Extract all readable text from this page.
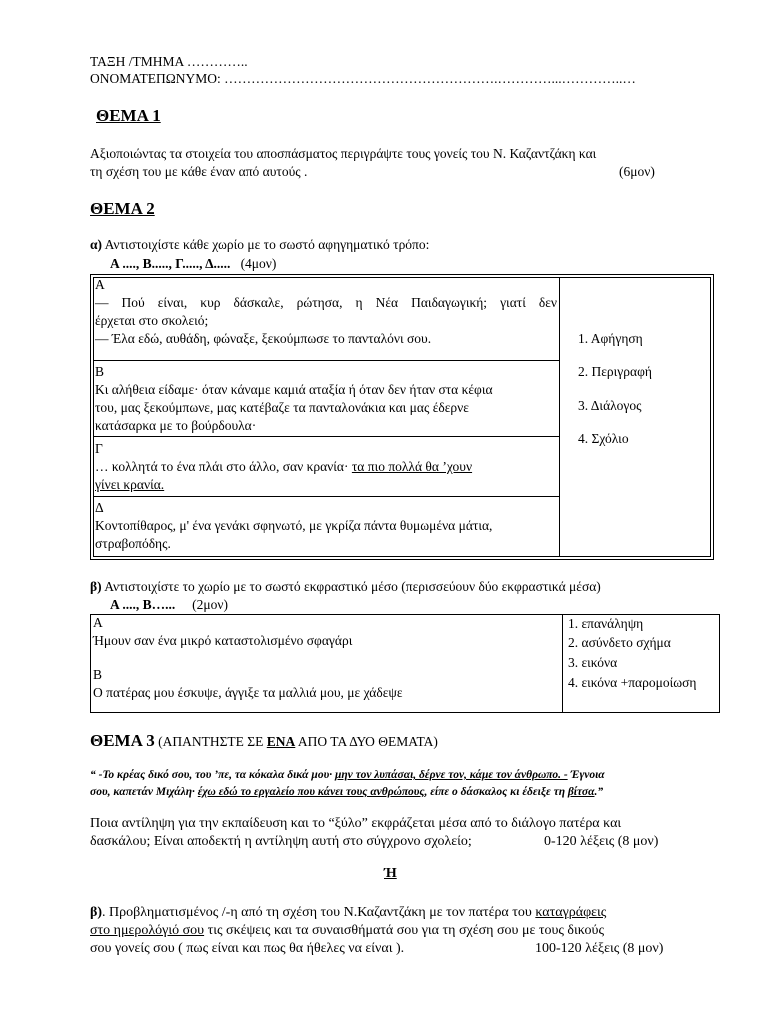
ΤΑΞΗ /ΤΜΗΜΑ …………..
ΟΝΟΜΑΤΕΠΩΝΥΜΟ: …………………………………………………….…………...…………..…
ΘΕΜΑ 1
Αξιοποιώντας τα στοιχεία του αποσπάσματος περιγράψτε τους γονείς του Ν. Καζαντζάκη και
τη σχέση του με κάθε έναν από αυτούς .	(6μον)
ΘΕΜΑ 2
α) Αντιστοιχίστε κάθε χωρίο με το σωστό αφηγηματικό τρόπο:
Α ...., Β....., Γ....., Δ..... (4μον)
Α
— Πού είναι, κυρ δάσκαλε, ρώτησα, η Νέα Παιδαγωγική; γιατί δεν
έρχεται στο σκολειό;
— Έλα εδώ, αυθάδη, φώναξε, ξεκούμπωσε το πανταλόνι σου.
Β
Κι αλήθεια είδαμε· όταν κάναμε καμιά αταξία ή όταν δεν ήταν στα κέφια
του, μας ξεκούμπωνε, μας κατέβαζε τα πανταλονάκια και μας έδερνε
κατάσαρκα με το βούρδουλα·
Γ
… κολλητά το ένα πλάι στο άλλο, σαν κρανία· τα πιο πολλά θα ’χουν
γίνει κρανία.
Δ
Κοντοπίθαρος, μ' ένα γενάκι σφηνωτό, με γκρίζα πάντα θυμωμένα μάτια,
στραβοπόδης.
1. Αφήγηση
2. Περιγραφή
3. Διάλογος
4. Σχόλιο
β) Αντιστοιχίστε το χωρίο με το σωστό εκφραστικό μέσο (περισσεύουν δύο εκφραστικά μέσα)
Α ...., Β…... (2μον)
Α
Ήμουν σαν ένα μικρό καταστολισμένο σφαγάρι
Β
Ο πατέρας μου έσκυψε, άγγιξε τα μαλλιά μου, με χάδεψε
1. επανάληψη
2. ασύνδετο σχήμα
3. εικόνα
4. εικόνα +παρομοίωση
ΘΕΜΑ 3 (ΑΠΑΝΤΗΣΤΕ ΣΕ ΕΝΑ ΑΠΟ ΤΑ ΔΥΟ ΘΕΜΑΤΑ)
“ -Το κρέας δικό σου, του ’πε, τα κόκαλα δικά μου· μην τον λυπάσαι, δέρνε τον, κάμε τον άνθρωπο. - Έγνοια
σου, καπετάν Μιχάλη· έχω εδώ το εργαλείο που κάνει τους ανθρώπους, είπε ο δάσκαλος κι έδειξε τη βίτσα.”
Ποια αντίληψη για την εκπαίδευση και το “ξύλο” εκφράζεται μέσα από το διάλογο πατέρα και
δασκάλου; Είναι αποδεκτή η αντίληψη αυτή στο σύγχρονο σχολείο;	0-120 λέξεις (8 μον)
Ή
β). Προβληματισμένος /-η από τη σχέση του Ν.Καζαντζάκη με τον πατέρα του καταγράφεις
στο ημερολόγιό σου τις σκέψεις και τα συναισθήματά σου για τη σχέση σου με τους δικούς
σου γονείς σου ( πως είναι και πως θα ήθελες να είναι ).	100-120 λέξεις (8 μον)
